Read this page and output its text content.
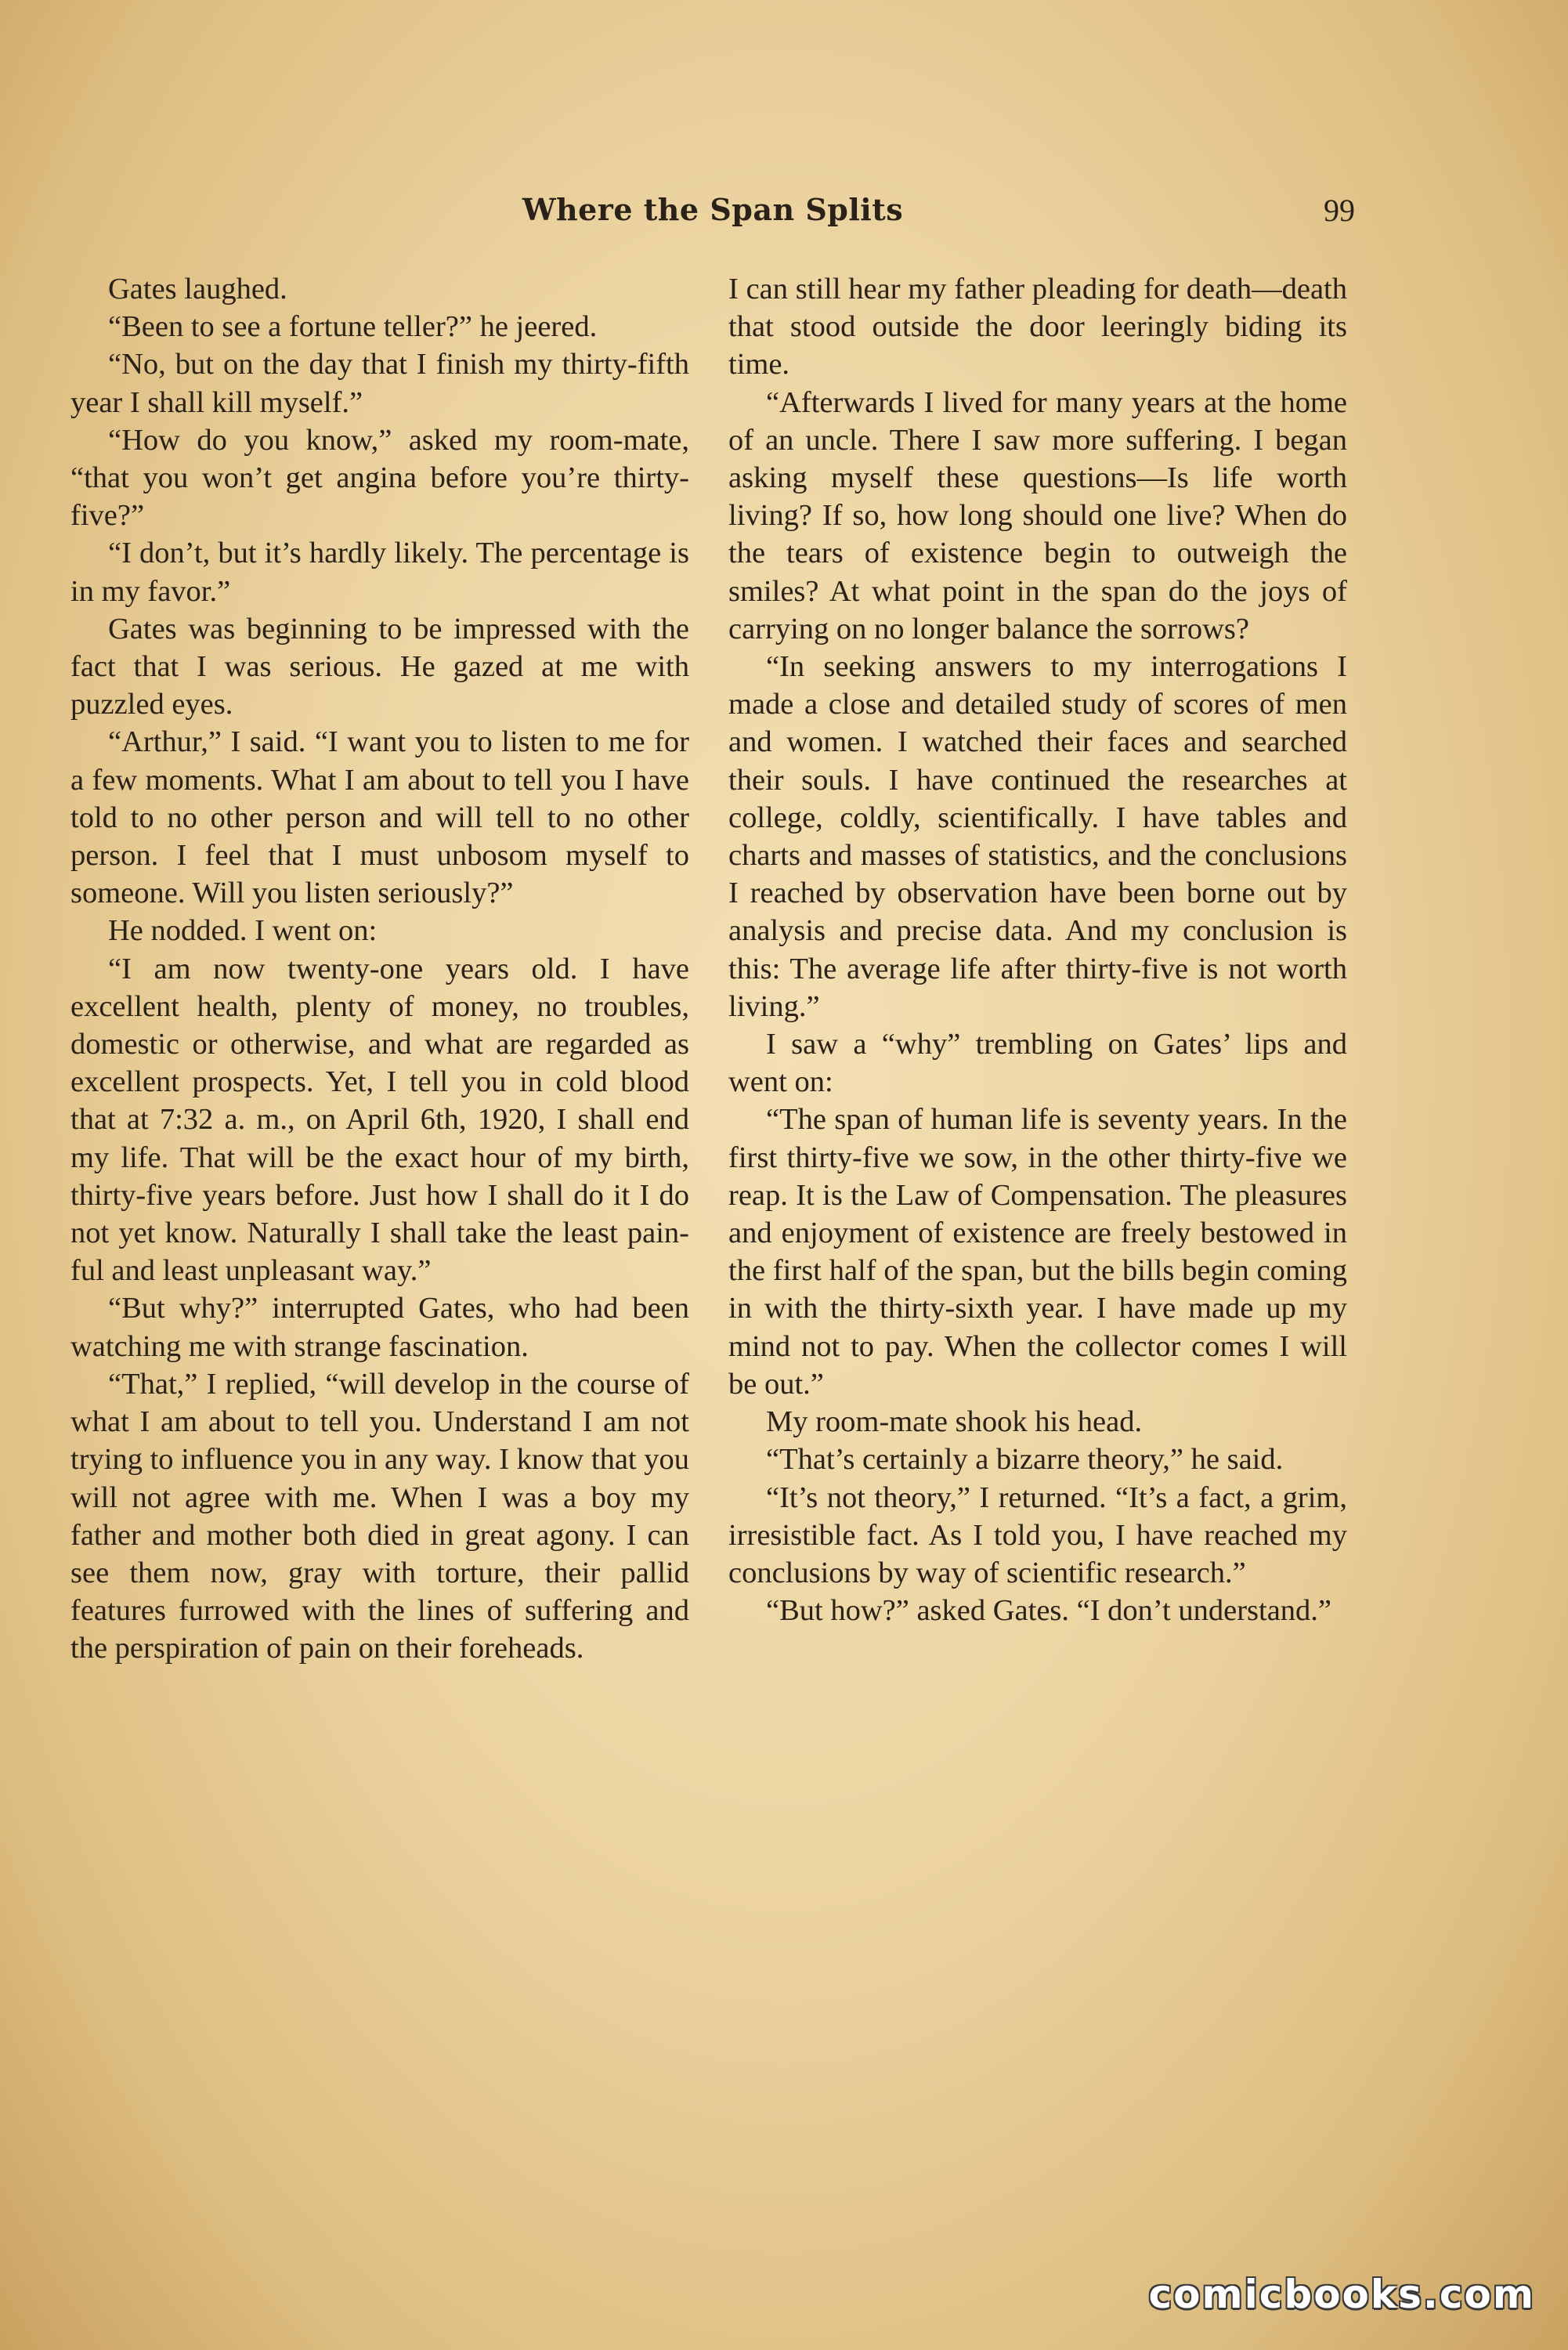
Where the Span Splits	99

Gates laughed.

“Been to see a fortune teller?” he jeered.

“No, but on the day that I finish my thirty-fifth year I shall kill myself.”

“How do you know,” asked my room-mate, “that you won’t get angina before you’re thirty-five?”

“I don’t, but it’s hardly likely. The percentage is in my favor.”

Gates was beginning to be impressed with the fact that I was serious. He gazed at me with puzzled eyes.

“Arthur,” I said. “I want you to listen to me for a few moments. What I am about to tell you I have told to no other person and will tell to no other person. I feel that I must unbosom myself to someone. Will you listen seriously?”

He nodded. I went on:

“I am now twenty-one years old. I have excellent health, plenty of money, no troubles, domestic or otherwise, and what are regarded as excellent prospects. Yet, I tell you in cold blood that at 7:32 a. m., on April 6th, 1920, I shall end my life. That will be the exact hour of my birth, thirty-five years before. Just how I shall do it I do not yet know. Naturally I shall take the least painful and least unpleasant way.”

“But why?” interrupted Gates, who had been watching me with strange fascination.

“That,” I replied, “will develop in the course of what I am about to tell you. Understand I am not trying to influence you in any way. I know that you will not agree with me. When I was a boy my father and mother both died in great agony. I can see them now, gray with torture, their pallid features furrowed with the lines of suffering and the perspiration of pain on their foreheads.

I can still hear my father pleading for death—death that stood outside the door leeringly biding its time.

“Afterwards I lived for many years at the home of an uncle. There I saw more suffering. I began asking myself these questions—Is life worth living? If so, how long should one live? When do the tears of existence begin to outweigh the smiles? At what point in the span do the joys of carrying on no longer balance the sorrows?

“In seeking answers to my interrogations I made a close and detailed study of scores of men and women. I watched their faces and searched their souls. I have continued the researches at college, coldly, scientifically. I have tables and charts and masses of statistics, and the conclusions I reached by observation have been borne out by analysis and precise data. And my conclusion is this: The average life after thirty-five is not worth living.”

I saw a “why” trembling on Gates’ lips and went on:

“The span of human life is seventy years. In the first thirty-five we sow, in the other thirty-five we reap. It is the Law of Compensation. The pleasures and enjoyment of existence are freely bestowed in the first half of the span, but the bills begin coming in with the thirty-sixth year. I have made up my mind not to pay. When the collector comes I will be out.”

My room-mate shook his head.

“That’s certainly a bizarre theory,” he said.

“It’s not theory,” I returned. “It’s a fact, a grim, irresistible fact. As I told you, I have reached my conclusions by way of scientific research.”

“But how?” asked Gates. “I don’t understand.”

comicbooks.com
